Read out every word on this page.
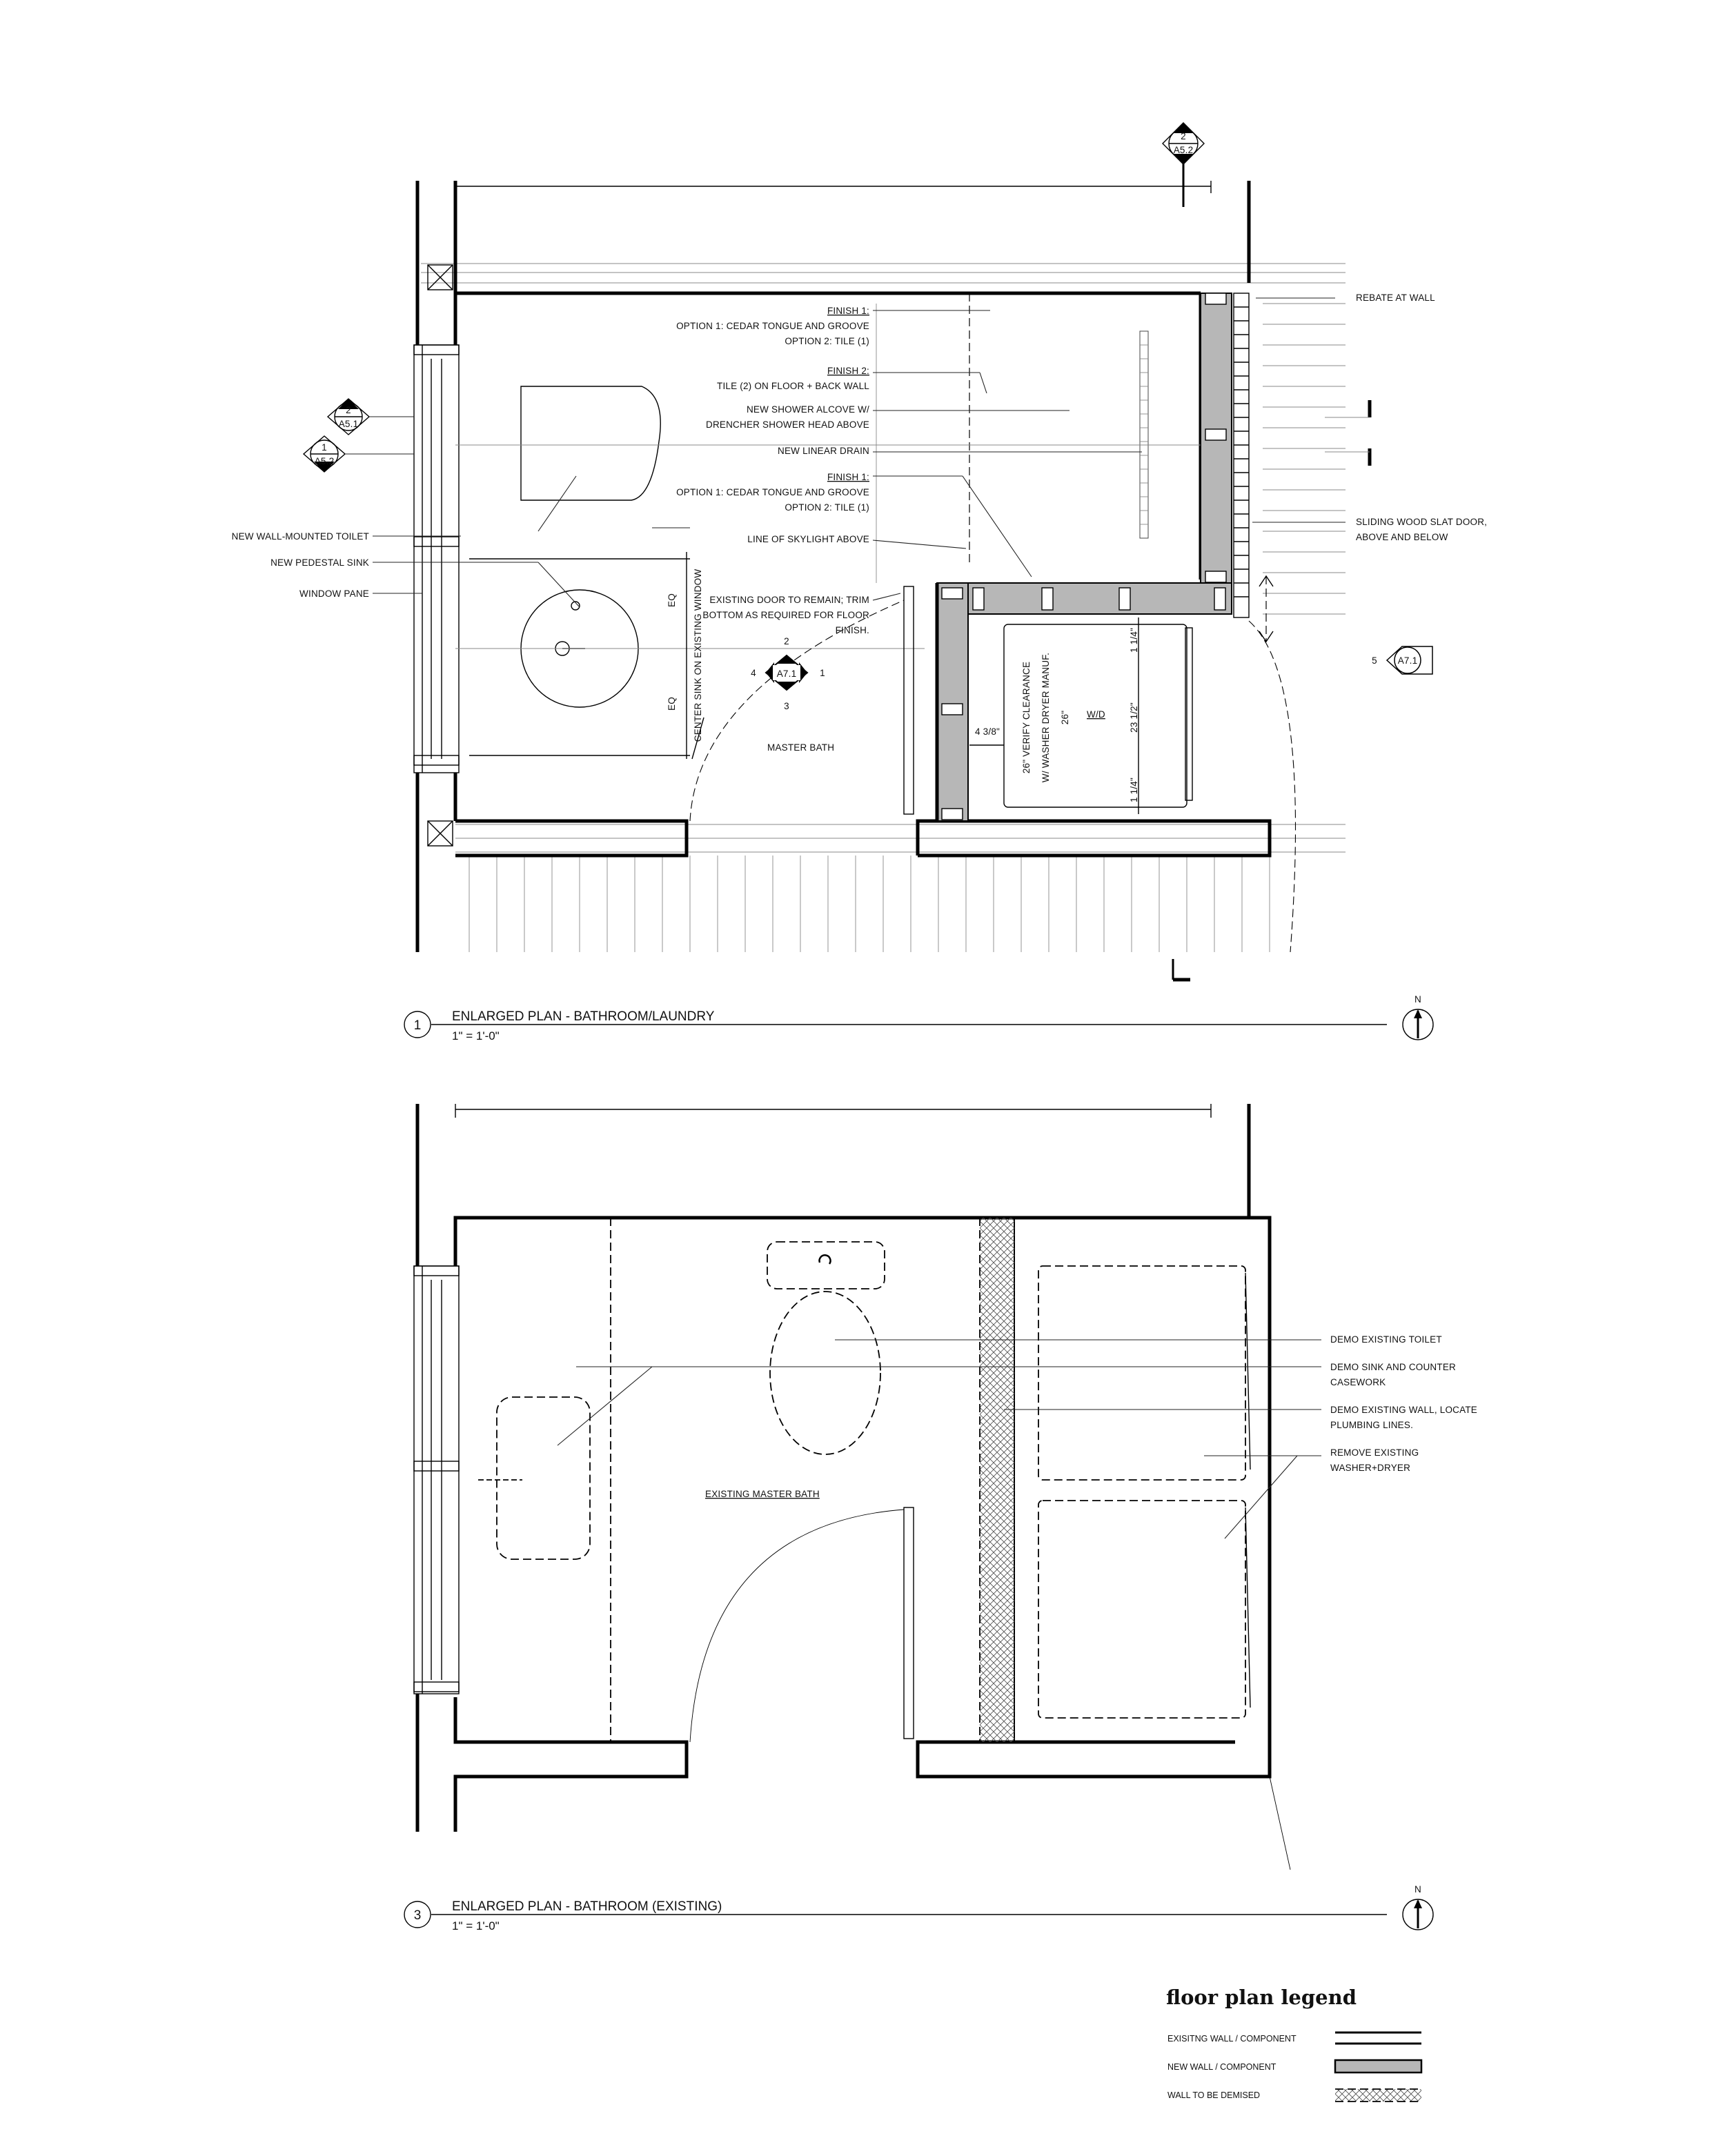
2
A5.2
2
A5.1
1
A5.2
A7.1
2
1
3
4
A7.1
5
FINISH 1:
OPTION 1: CEDAR TONGUE AND GROOVE
OPTION 2: TILE (1)
FINISH 2:
TILE (2) ON FLOOR + BACK WALL
NEW SHOWER ALCOVE W/
DRENCHER SHOWER HEAD ABOVE
NEW LINEAR DRAIN
FINISH 1:
OPTION 1: CEDAR TONGUE AND GROOVE
OPTION 2: TILE (1)
LINE OF SKYLIGHT ABOVE
EXISTING DOOR TO REMAIN; TRIM
BOTTOM AS REQUIRED FOR FLOOR
FINISH.
NEW WALL-MOUNTED TOILET
NEW PEDESTAL SINK
WINDOW PANE
REBATE AT WALL
SLIDING WOOD SLAT DOOR,
ABOVE AND BELOW
MASTER BATH
CENTER SINK ON EXISTING WINDOW
EQ
EQ	26" VERIFY CLEARANCE W/ WASHER DRYER MANUF. 26" W/D
4 3/8"
1 1/4"
23 1/2"
1 1/4"
1
ENLARGED PLAN - BATHROOM/LAUNDRY
1" = 1'-0"
N
DEMO EXISTING TOILET
DEMO SINK AND COUNTER
CASEWORK
DEMO EXISTING WALL, LOCATE
PLUMBING LINES.
REMOVE EXISTING
WASHER+DRYER
EXISTING MASTER BATH
3
ENLARGED PLAN - BATHROOM (EXISTING)
1" = 1'-0"
N
floor plan legend
EXISITNG WALL / COMPONENT
NEW WALL / COMPONENT
WALL TO BE DEMISED
